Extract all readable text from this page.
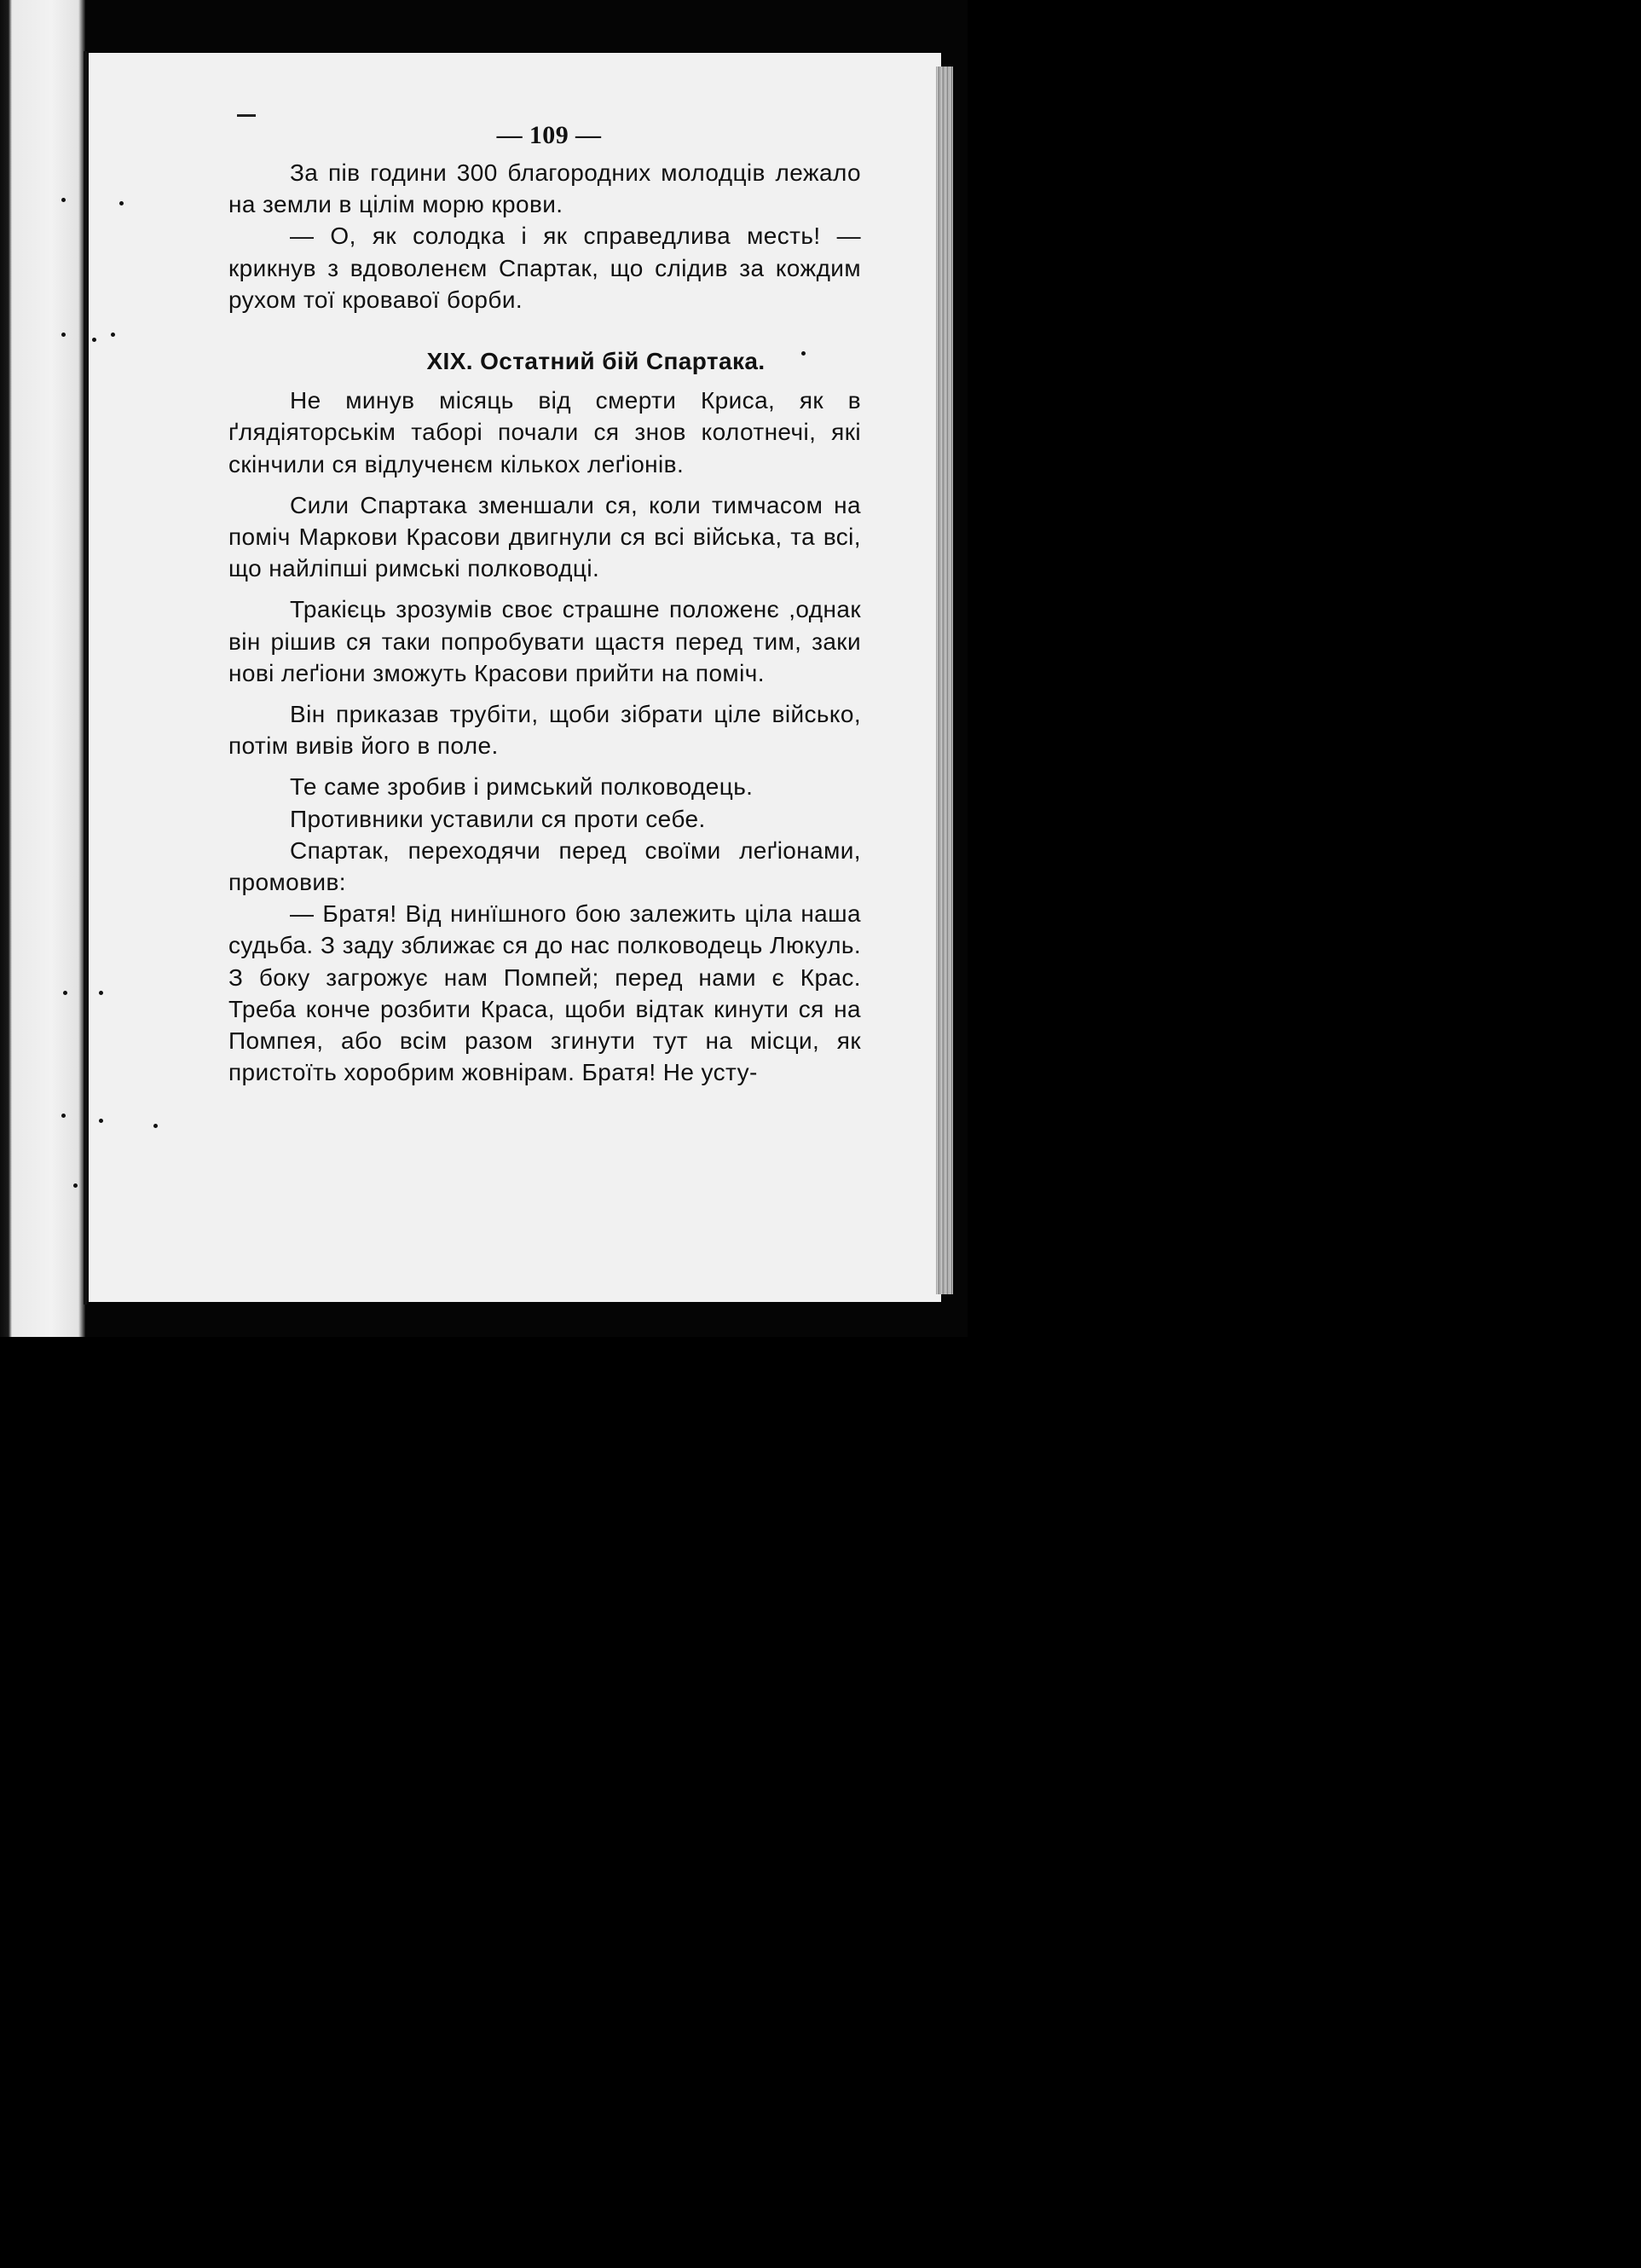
— 109 —

За пів години 300 благородних молодців лежало на земли в цілім морю крови.

— О, як солодка і як справедлива месть! — крикнув з вдоволенєм Спартак, що слідив за кождим рухом тої кровавої борби.

XIX. Остатний бій Спартака.

Не минув місяць від смерти Криса, як в ґлядіяторськім таборі почали ся знов колотнечі, які скінчили ся відлученєм кількох леґіонів.

Сили Спартака зменшали ся, коли тимчасом на поміч Маркови Красови двигнули ся всі війська, та всі, що найліпші римські полководці.

Тракієць зрозумів своє страшне положенє ,однак він рішив ся таки попробувати щастя перед тим, заки нові леґіони зможуть Красови прийти на поміч.

Він приказав трубіти, щоби зібрати ціле військо, потім вивів його в поле.

Те саме зробив і римський полководець.

Противники уставили ся проти себе.

Спартак, переходячи перед своїми леґіонами, промовив:

— Братя! Від нинїшного бою залежить ціла наша судьба. З заду зближає ся до нас полководець Люкуль. З боку загрожує нам Помпей; перед нами є Крас. Треба конче розбити Краса, щоби відтак кинути ся на Помпея, або всім разом згинути тут на місци, як пристоїть хоробрим жовнірам. Братя! Не усту-
